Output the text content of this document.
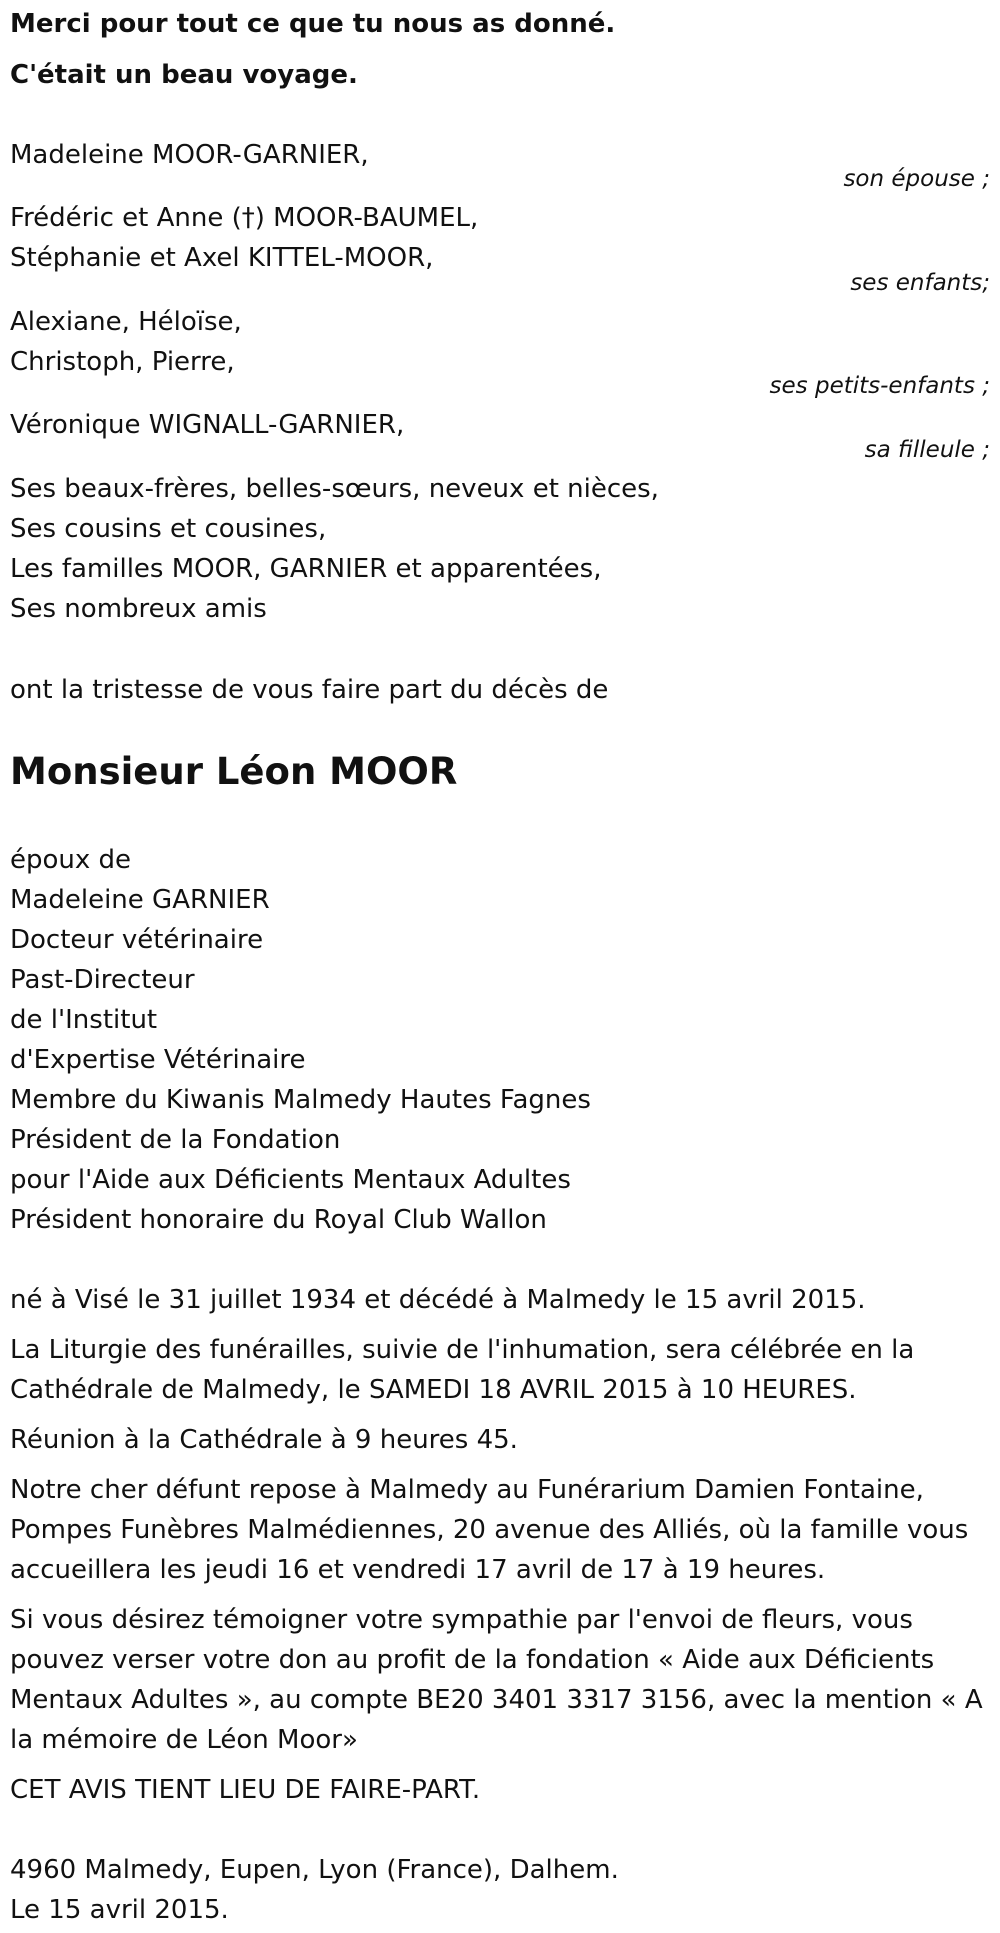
Merci pour tout ce que tu nous as donné.

C'était un beau voyage.

Madeleine MOOR-GARNIER,

son épouse ;

Frédéric et Anne (†) MOOR-BAUMEL,

Stéphanie et Axel KITTEL-MOOR,

ses enfants;

Alexiane, Héloïse,

Christoph, Pierre,

ses petits-enfants ;

Véronique WIGNALL-GARNIER,

sa filleule ;

Ses beaux-frères, belles-sœurs, neveux et nièces,

Ses cousins et cousines,

Les familles MOOR, GARNIER et apparentées,

Ses nombreux amis

ont la tristesse de vous faire part du décès de

Monsieur Léon MOOR

époux de

Madeleine GARNIER

Docteur vétérinaire

Past-Directeur

de l'Institut

d'Expertise Vétérinaire

Membre du Kiwanis Malmedy Hautes Fagnes

Président de la Fondation

pour l'Aide aux Déficients Mentaux Adultes

Président honoraire du Royal Club Wallon

né à Visé le 31 juillet 1934 et décédé à Malmedy le 15 avril 2015.

La Liturgie des funérailles, suivie de l'inhumation, sera célébrée en la Cathédrale de Malmedy, le SAMEDI 18 AVRIL 2015 à 10 HEURES.

Réunion à la Cathédrale à 9 heures 45.

Notre cher défunt repose à Malmedy au Funérarium Damien Fontaine, Pompes Funèbres Malmédiennes, 20 avenue des Alliés, où la famille vous accueillera les jeudi 16 et vendredi 17 avril de 17 à 19 heures.

Si vous désirez témoigner votre sympathie par l'envoi de fleurs, vous pouvez verser votre don au profit de la fondation « Aide aux Déficients Mentaux Adultes », au compte BE20 3401 3317 3156, avec la mention « A la mémoire de Léon Moor»

CET AVIS TIENT LIEU DE FAIRE-PART.

4960 Malmedy, Eupen, Lyon (France), Dalhem.

Le 15 avril 2015.
